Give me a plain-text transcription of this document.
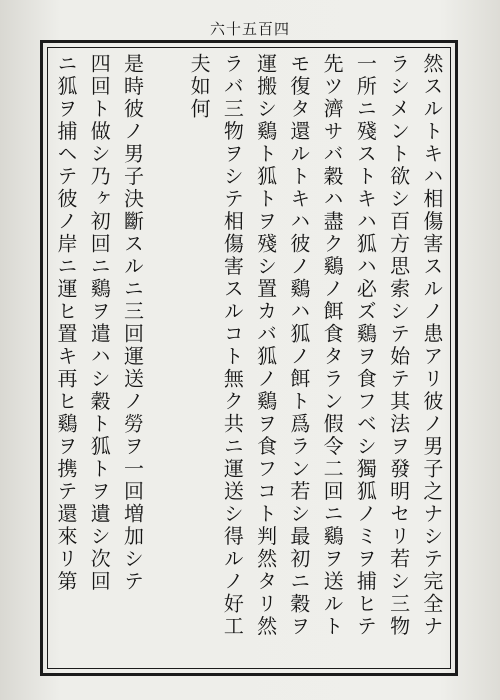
六十五百四
然スルトキハ相傷害スルノ患アリ彼ノ男子之ナシテ完全ナ
ラシメント欲シ百方思索シテ始テ其法ヲ發明セリ若シ三物
一所ニ殘ストキハ狐ハ必ズ鷄ヲ食フベシ獨狐ノミヲ捕ヒテ
先ツ濟サバ穀ハ盡ク鷄ノ餌食タラン假令二回ニ鷄ヲ送ルト
モ復タ還ルトキハ彼ノ鷄ハ狐ノ餌ト爲ラン若シ最初ニ穀ヲ
運搬シ鷄ト狐トヲ殘シ置カバ狐ノ鷄ヲ食フコト判然タリ然
ラバ三物ヲシテ相傷害スルコト無ク共ニ運送シ得ルノ好工
夫如何
是時彼ノ男子決斷スルニ三回運送ノ勞ヲ一回増加シテ
四回ト做シ乃ヶ初回ニ鷄ヲ遣ハシ穀ト狐トヲ遺シ次回
ニ狐ヲ捕ヘテ彼ノ岸ニ運ヒ置キ再ヒ鷄ヲ携テ還來リ第
